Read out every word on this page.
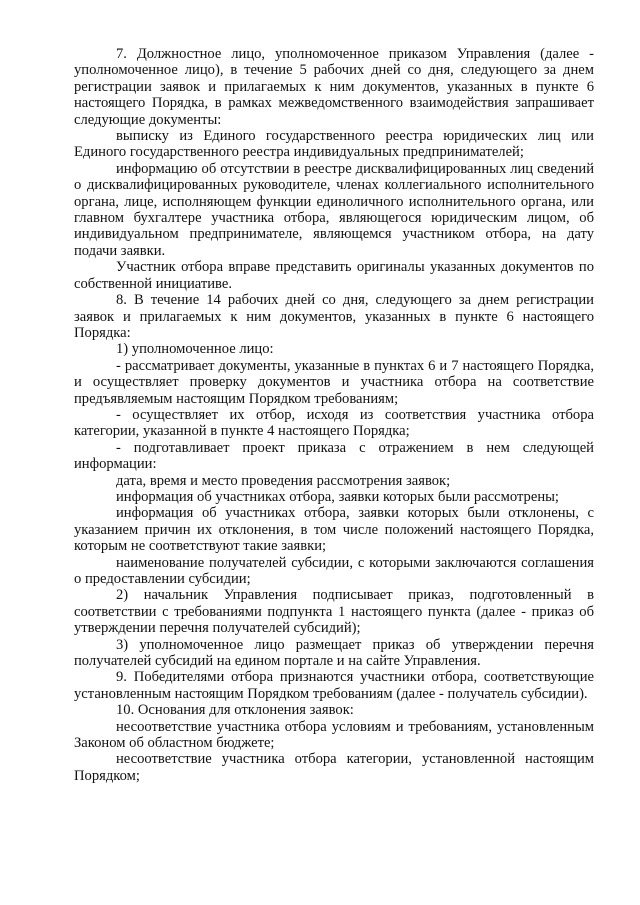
7. Должностное лицо, уполномоченное приказом Управления (далее - уполномоченное лицо), в течение 5 рабочих дней со дня, следующего за днем регистрации заявок и прилагаемых к ним документов, указанных в пункте 6 настоящего Порядка, в рамках межведомственного взаимодействия запрашивает следующие документы:

выписку из Единого государственного реестра юридических лиц или Единого государственного реестра индивидуальных предпринимателей;

информацию об отсутствии в реестре дисквалифицированных лиц сведений о дисквалифицированных руководителе, членах коллегиального исполнительного органа, лице, исполняющем функции единоличного исполнительного органа, или главном бухгалтере участника отбора, являющегося юридическим лицом, об индивидуальном предпринимателе, являющемся участником отбора, на дату подачи заявки.

Участник отбора вправе представить оригиналы указанных документов по собственной инициативе.

8. В течение 14 рабочих дней со дня, следующего за днем регистрации заявок и прилагаемых к ним документов, указанных в пункте 6 настоящего Порядка:

1) уполномоченное лицо:

- рассматривает документы, указанные в пунктах 6 и 7 настоящего Порядка, и осуществляет проверку документов и участника отбора на соответствие предъявляемым настоящим Порядком требованиям;

- осуществляет их отбор, исходя из соответствия участника отбора категории, указанной в пункте 4 настоящего Порядка;

- подготавливает проект приказа с отражением в нем следующей информации:

дата, время и место проведения рассмотрения заявок;

информация об участниках отбора, заявки которых были рассмотрены;

информация об участниках отбора, заявки которых были отклонены, с указанием причин их отклонения, в том числе положений настоящего Порядка, которым не соответствуют такие заявки;

наименование получателей субсидии, с которыми заключаются соглашения о предоставлении субсидии;

2) начальник Управления подписывает приказ, подготовленный в соответствии с требованиями подпункта 1 настоящего пункта (далее - приказ об утверждении перечня получателей субсидий);

3) уполномоченное лицо размещает приказ об утверждении перечня получателей субсидий на едином портале и на сайте Управления.

9. Победителями отбора признаются участники отбора, соответствующие установленным настоящим Порядком требованиям (далее - получатель субсидии).

10. Основания для отклонения заявок:

несоответствие участника отбора условиям и требованиям, установленным Законом об областном бюджете;

несоответствие участника отбора категории, установленной настоящим Порядком;
